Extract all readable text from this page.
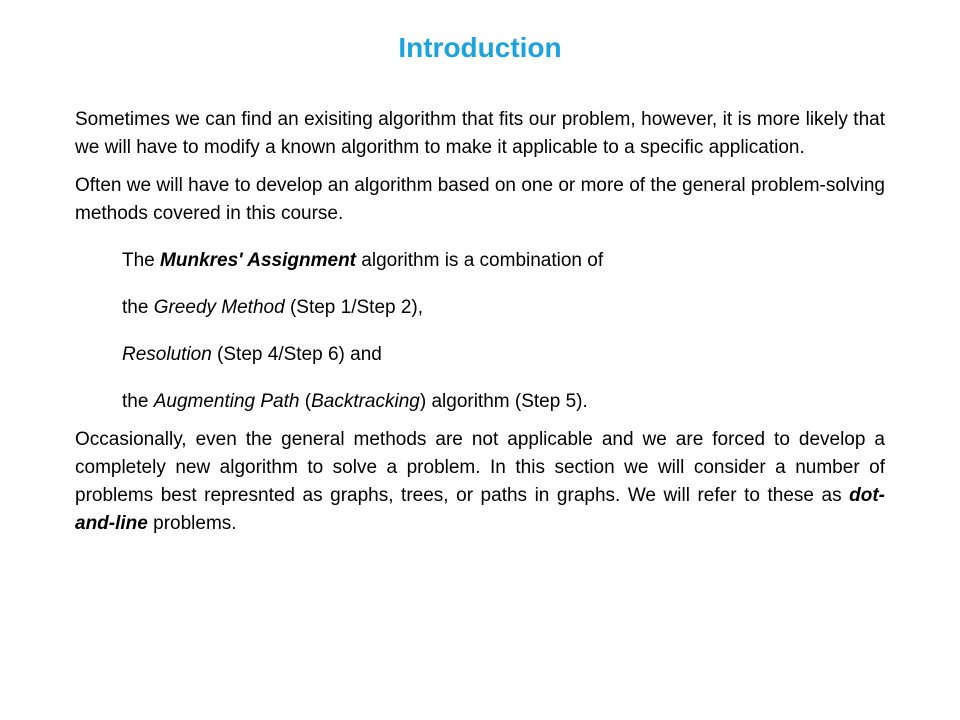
Introduction

Sometimes we can find an exisiting algorithm that fits our problem, however, it is more likely that we will have to modify a known algorithm to make it applicable to a specific application.

Often we will have to develop an algorithm based on one or more of the general problem-solving methods covered in this course.

The Munkres' Assignment algorithm is a combination of

the Greedy Method (Step 1/Step 2),

Resolution (Step 4/Step 6) and

the Augmenting Path (Backtracking) algorithm (Step 5).

Occasionally, even the general methods are not applicable and we are forced to develop a completely new algorithm to solve a problem. In this section we will consider a number of problems best represnted as graphs, trees, or paths in graphs. We will refer to these as dot-and-line problems.
